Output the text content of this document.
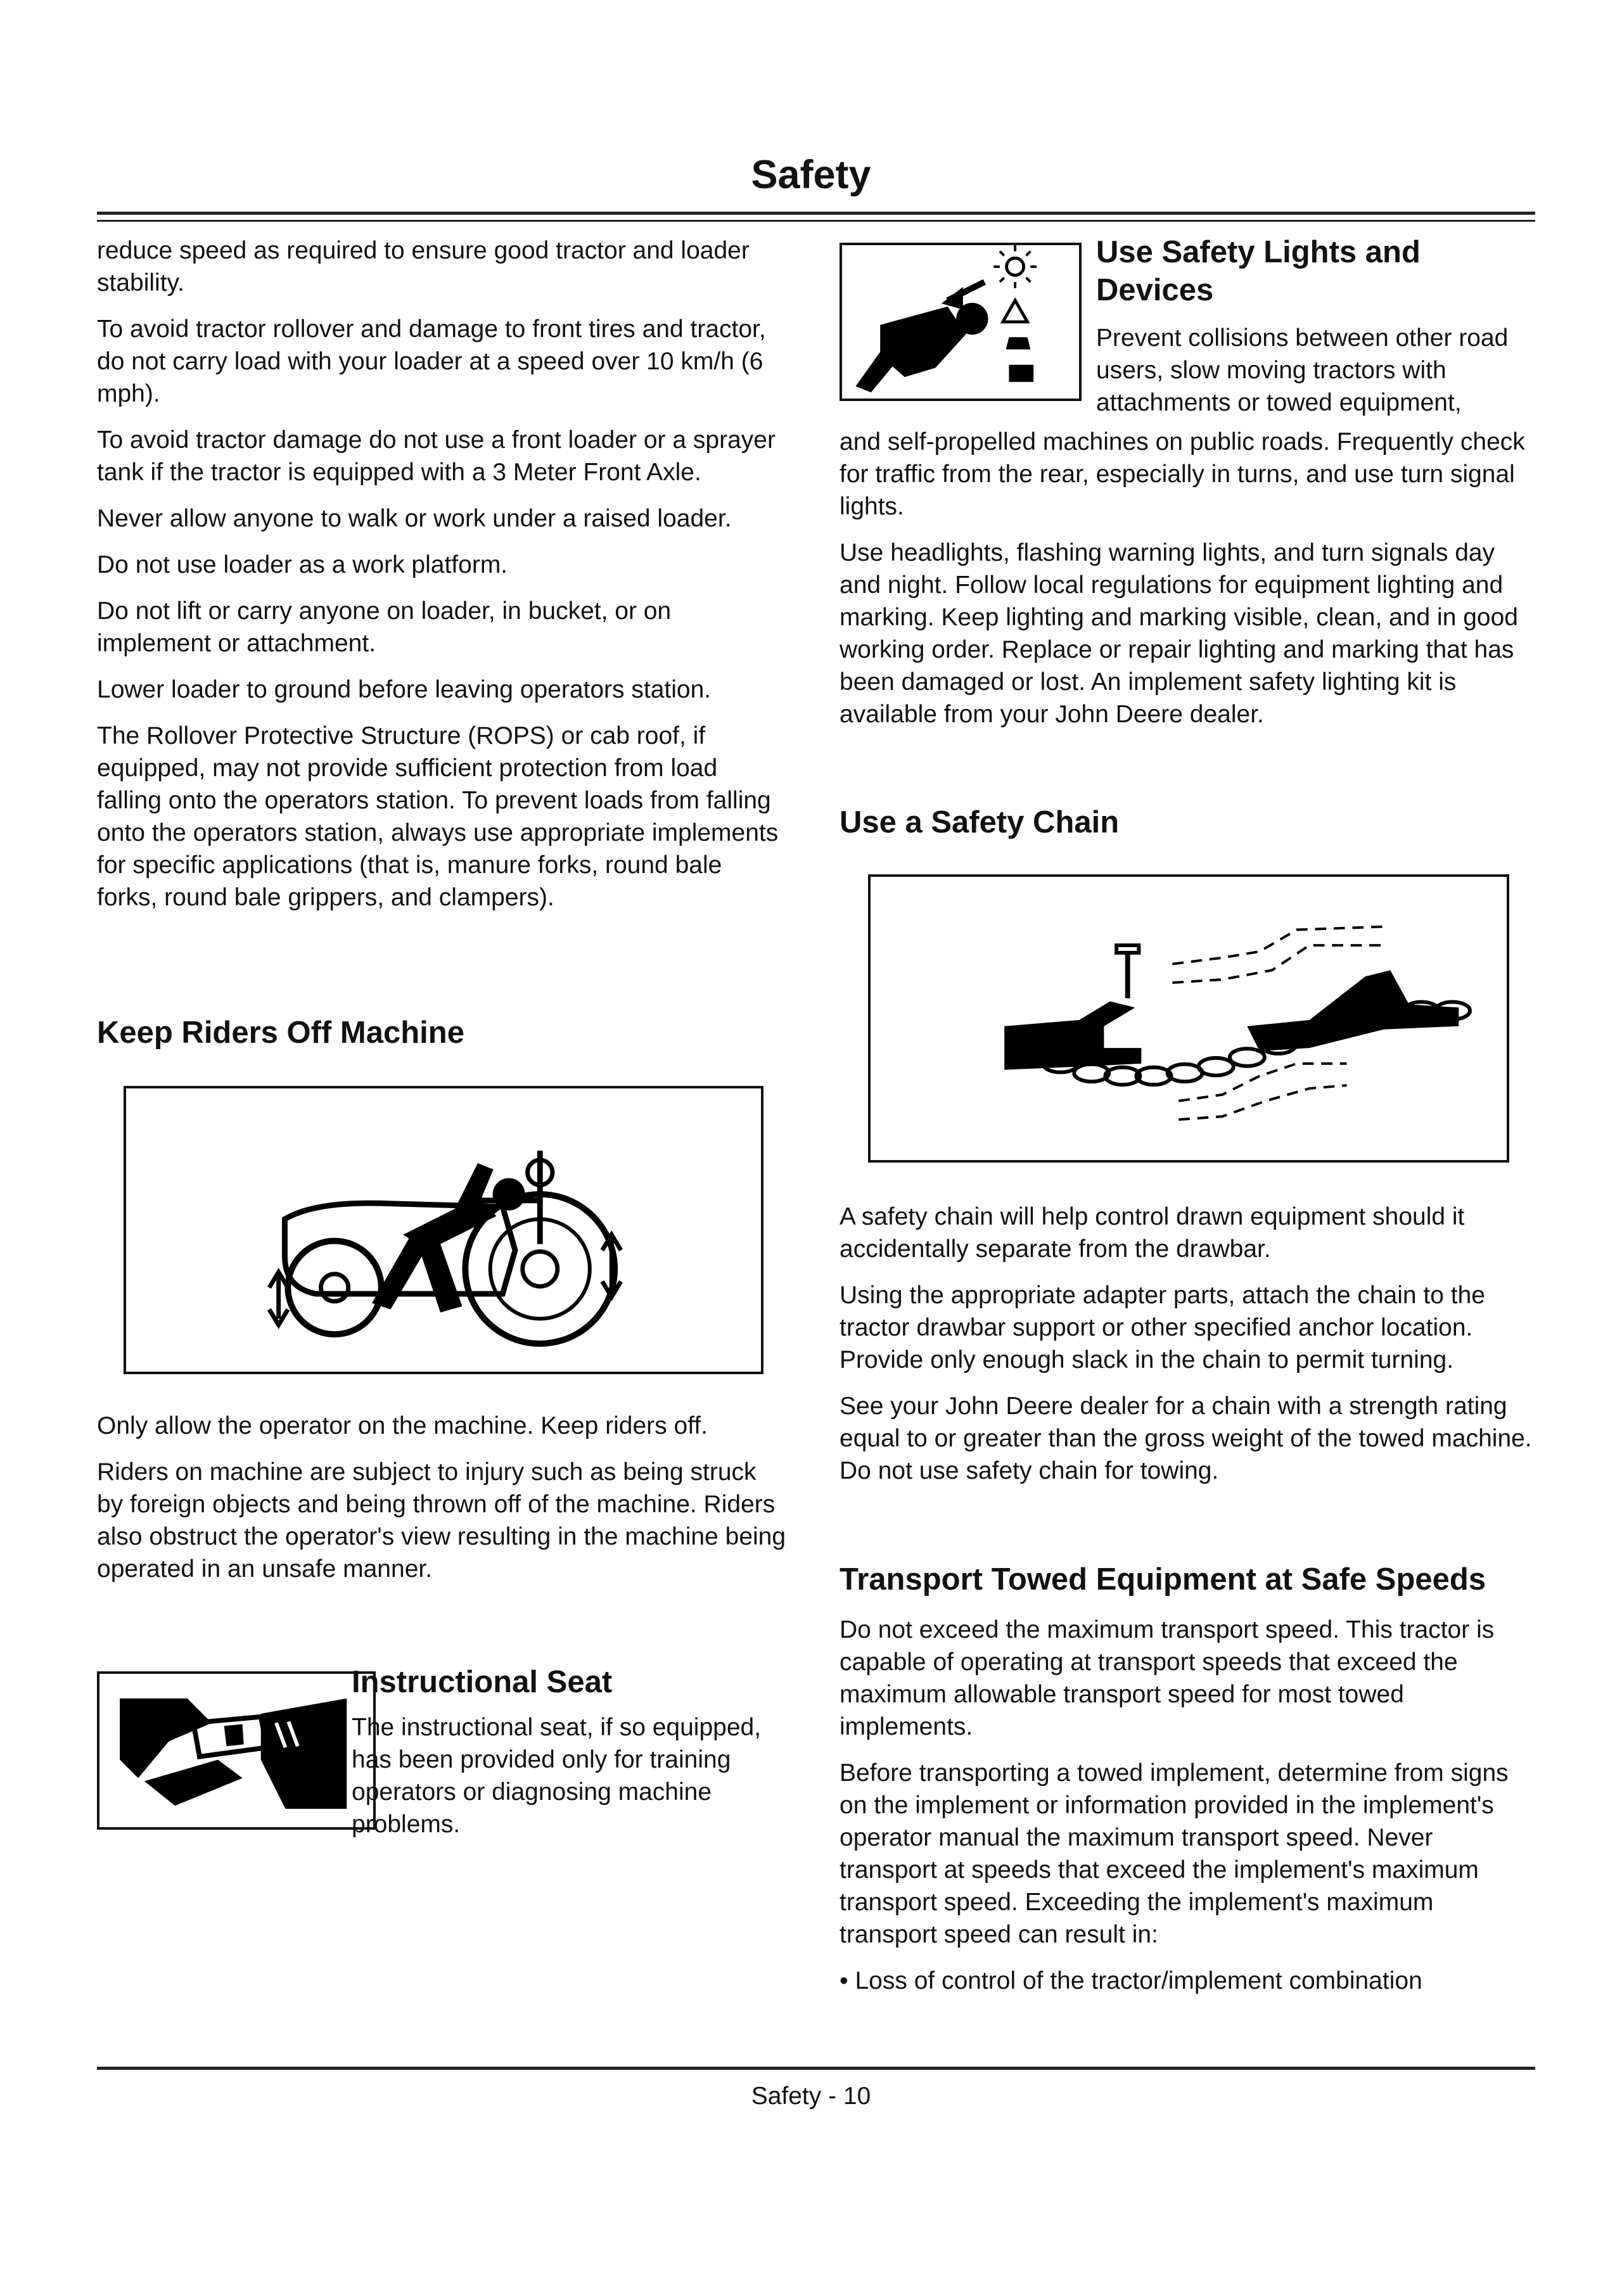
Safety

reduce speed as required to ensure good tractor and loader stability.

To avoid tractor rollover and damage to front tires and tractor, do not carry load with your loader at a speed over 10 km/h (6 mph).

To avoid tractor damage do not use a front loader or a sprayer tank if the tractor is equipped with a 3 Meter Front Axle.

Never allow anyone to walk or work under a raised loader.

Do not use loader as a work platform.

Do not lift or carry anyone on loader, in bucket, or on implement or attachment.

Lower loader to ground before leaving operators station.

The Rollover Protective Structure (ROPS) or cab roof, if equipped, may not provide sufficient protection from load falling onto the operators station. To prevent loads from falling onto the operators station, always use appropriate implements for specific applications (that is, manure forks, round bale forks, round bale grippers, and clampers).

Keep Riders Off Machine

Only allow the operator on the machine. Keep riders off.

Riders on machine are subject to injury such as being struck by foreign objects and being thrown off of the machine. Riders also obstruct the operator's view resulting in the machine being operated in an unsafe manner.

Instructional Seat

The instructional seat, if so equipped, has been provided only for training operators or diagnosing machine problems.

Use Safety Lights and
Devices
Prevent collisions between other road
users, slow moving tractors with
attachments or towed equipment,

and self-propelled machines on public roads. Frequently check for traffic from the rear, especially in turns, and use turn signal lights.

Use headlights, flashing warning lights, and turn signals day and night. Follow local regulations for equipment lighting and marking. Keep lighting and marking visible, clean, and in good working order. Replace or repair lighting and marking that has been damaged or lost. An implement safety lighting kit is available from your John Deere dealer.

Use a Safety Chain

A safety chain will help control drawn equipment should it accidentally separate from the drawbar.

Using the appropriate adapter parts, attach the chain to the tractor drawbar support or other specified anchor location. Provide only enough slack in the chain to permit turning.

See your John Deere dealer for a chain with a strength rating equal to or greater than the gross weight of the towed machine. Do not use safety chain for towing.

Transport Towed Equipment at Safe Speeds

Do not exceed the maximum transport speed. This tractor is capable of operating at transport speeds that exceed the maximum allowable transport speed for most towed implements.

Before transporting a towed implement, determine from signs on the implement or information provided in the implement's operator manual the maximum transport speed. Never transport at speeds that exceed the implement's maximum transport speed. Exceeding the implement's maximum transport speed can result in:

• Loss of control of the tractor/implement combination

Safety - 10
